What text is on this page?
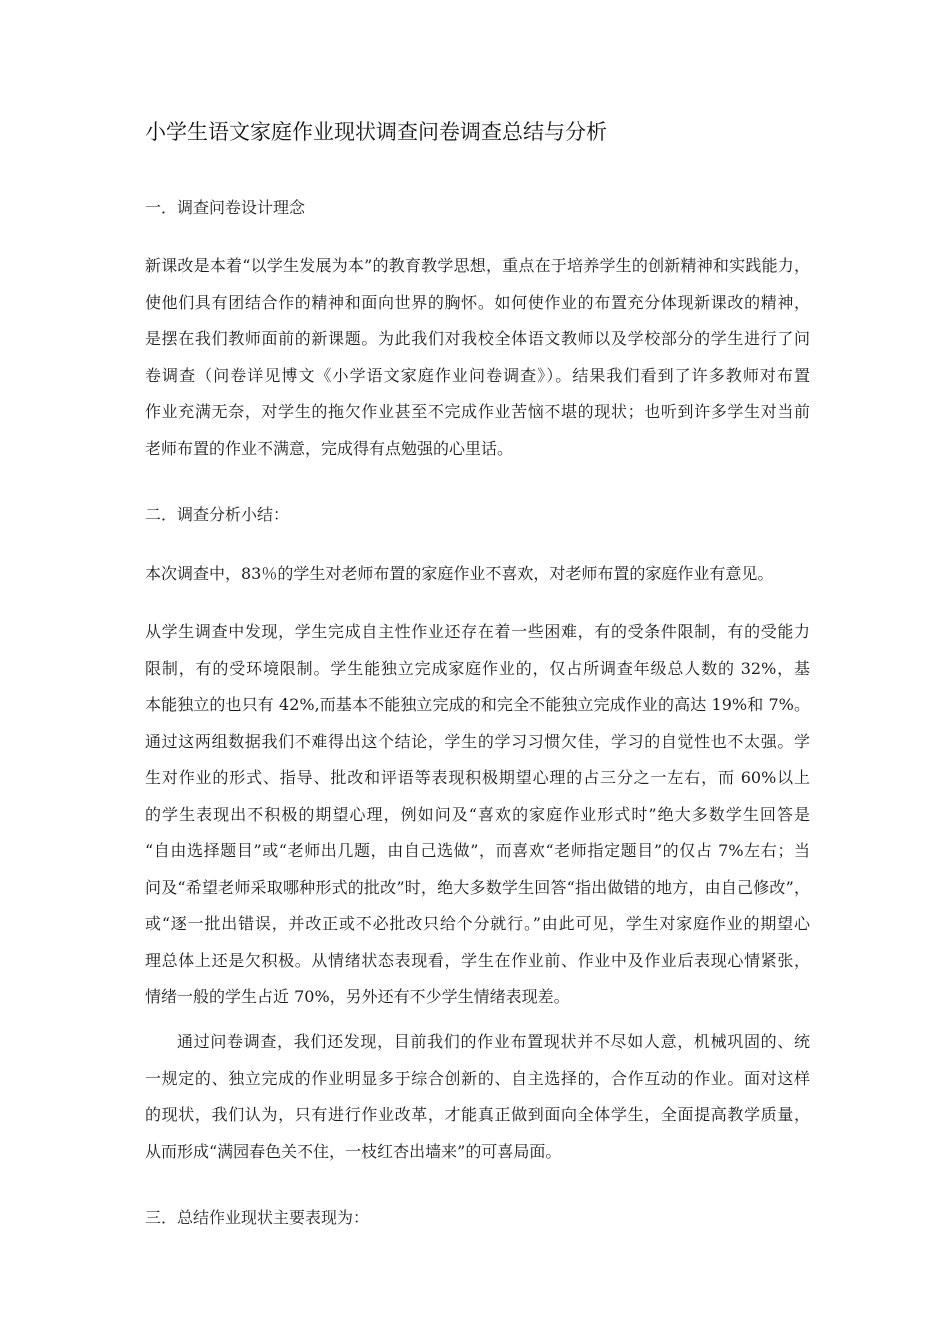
小学生语文家庭作业现状调查问卷调查总结与分析

一．调查问卷设计理念

新课改是本着“以学生发展为本”的教育教学思想，重点在于培养学生的创新精神和实践能力，
使他们具有团结合作的精神和面向世界的胸怀。如何使作业的布置充分体现新课改的精神，
是摆在我们教师面前的新课题。为此我们对我校全体语文教师以及学校部分的学生进行了问
卷调查（问卷详见博文《小学语文家庭作业问卷调查》）。结果我们看到了许多教师对布置
作业充满无奈，对学生的拖欠作业甚至不完成作业苦恼不堪的现状；也听到许多学生对当前
老师布置的作业不满意，完成得有点勉强的心里话。

二．调查分析小结：

本次调查中，83％的学生对老师布置的家庭作业不喜欢，对老师布置的家庭作业有意见。
从学生调查中发现，学生完成自主性作业还存在着一些困难，有的受条件限制，有的受能力
限制，有的受环境限制。学生能独立完成家庭作业的，仅占所调查年级总人数的 32%，基
本能独立的也只有 42%,而基本不能独立完成的和完全不能独立完成作业的高达 19%和 7%。
通过这两组数据我们不难得出这个结论，学生的学习习惯欠佳，学习的自觉性也不太强。学
生对作业的形式、指导、批改和评语等表现积极期望心理的占三分之一左右，而 60%以上
的学生表现出不积极的期望心理，例如问及“喜欢的家庭作业形式时”绝大多数学生回答是
“自由选择题目”或“老师出几题，由自己选做”，而喜欢“老师指定题目”的仅占 7%左右；当
问及“希望老师采取哪种形式的批改”时，绝大多数学生回答“指出做错的地方，由自己修改”，
或“逐一批出错误，并改正或不必批改只给个分就行。”由此可见，学生对家庭作业的期望心
理总体上还是欠积极。从情绪状态表现看，学生在作业前、作业中及作业后表现心情紧张，
情绪一般的学生占近 70%，另外还有不少学生情绪表现差。
通过问卷调查，我们还发现，目前我们的作业布置现状并不尽如人意，机械巩固的、统
一规定的、独立完成的作业明显多于综合创新的、自主选择的，合作互动的作业。面对这样
的现状，我们认为，只有进行作业改革，才能真正做到面向全体学生，全面提高教学质量，
从而形成“满园春色关不住，一枝红杏出墙来”的可喜局面。

三．总结作业现状主要表现为：
